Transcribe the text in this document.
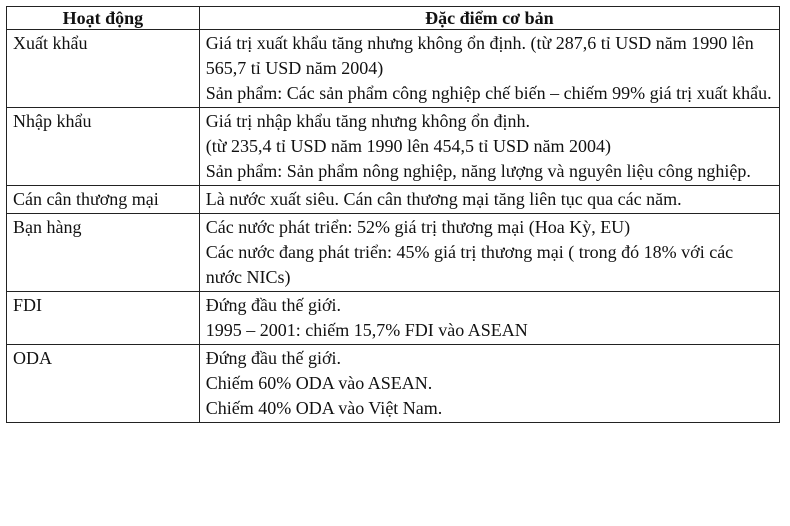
Hoạt động	Đặc điểm cơ bản
Xuất khẩu	Giá trị xuất khẩu tăng nhưng không ổn định. (từ 287,6 tỉ USD năm 1990 lên 565,7 tỉ USD năm 2004)
Sản phẩm: Các sản phẩm công nghiệp chế biến – chiếm 99% giá trị xuất khẩu.

Nhập khẩu	Giá trị nhập khẩu tăng nhưng không ổn định.
(từ 235,4 tỉ USD năm 1990 lên 454,5 tỉ USD năm 2004)
Sản phẩm: Sản phẩm nông nghiệp, năng lượng và nguyên liệu công nghiệp.

Cán cân thương mại	Là nước xuất siêu. Cán cân thương mại tăng liên tục qua các năm.

Bạn hàng	Các nước phát triển: 52% giá trị thương mại (Hoa Kỳ, EU)
Các nước đang phát triển: 45% giá trị thương mại ( trong đó 18% với các nước NICs)

FDI	Đứng đầu thế giới.
1995 – 2001: chiếm 15,7% FDI vào ASEAN

ODA	Đứng đầu thế giới.
Chiếm 60% ODA vào ASEAN.
Chiếm 40% ODA vào Việt Nam.
